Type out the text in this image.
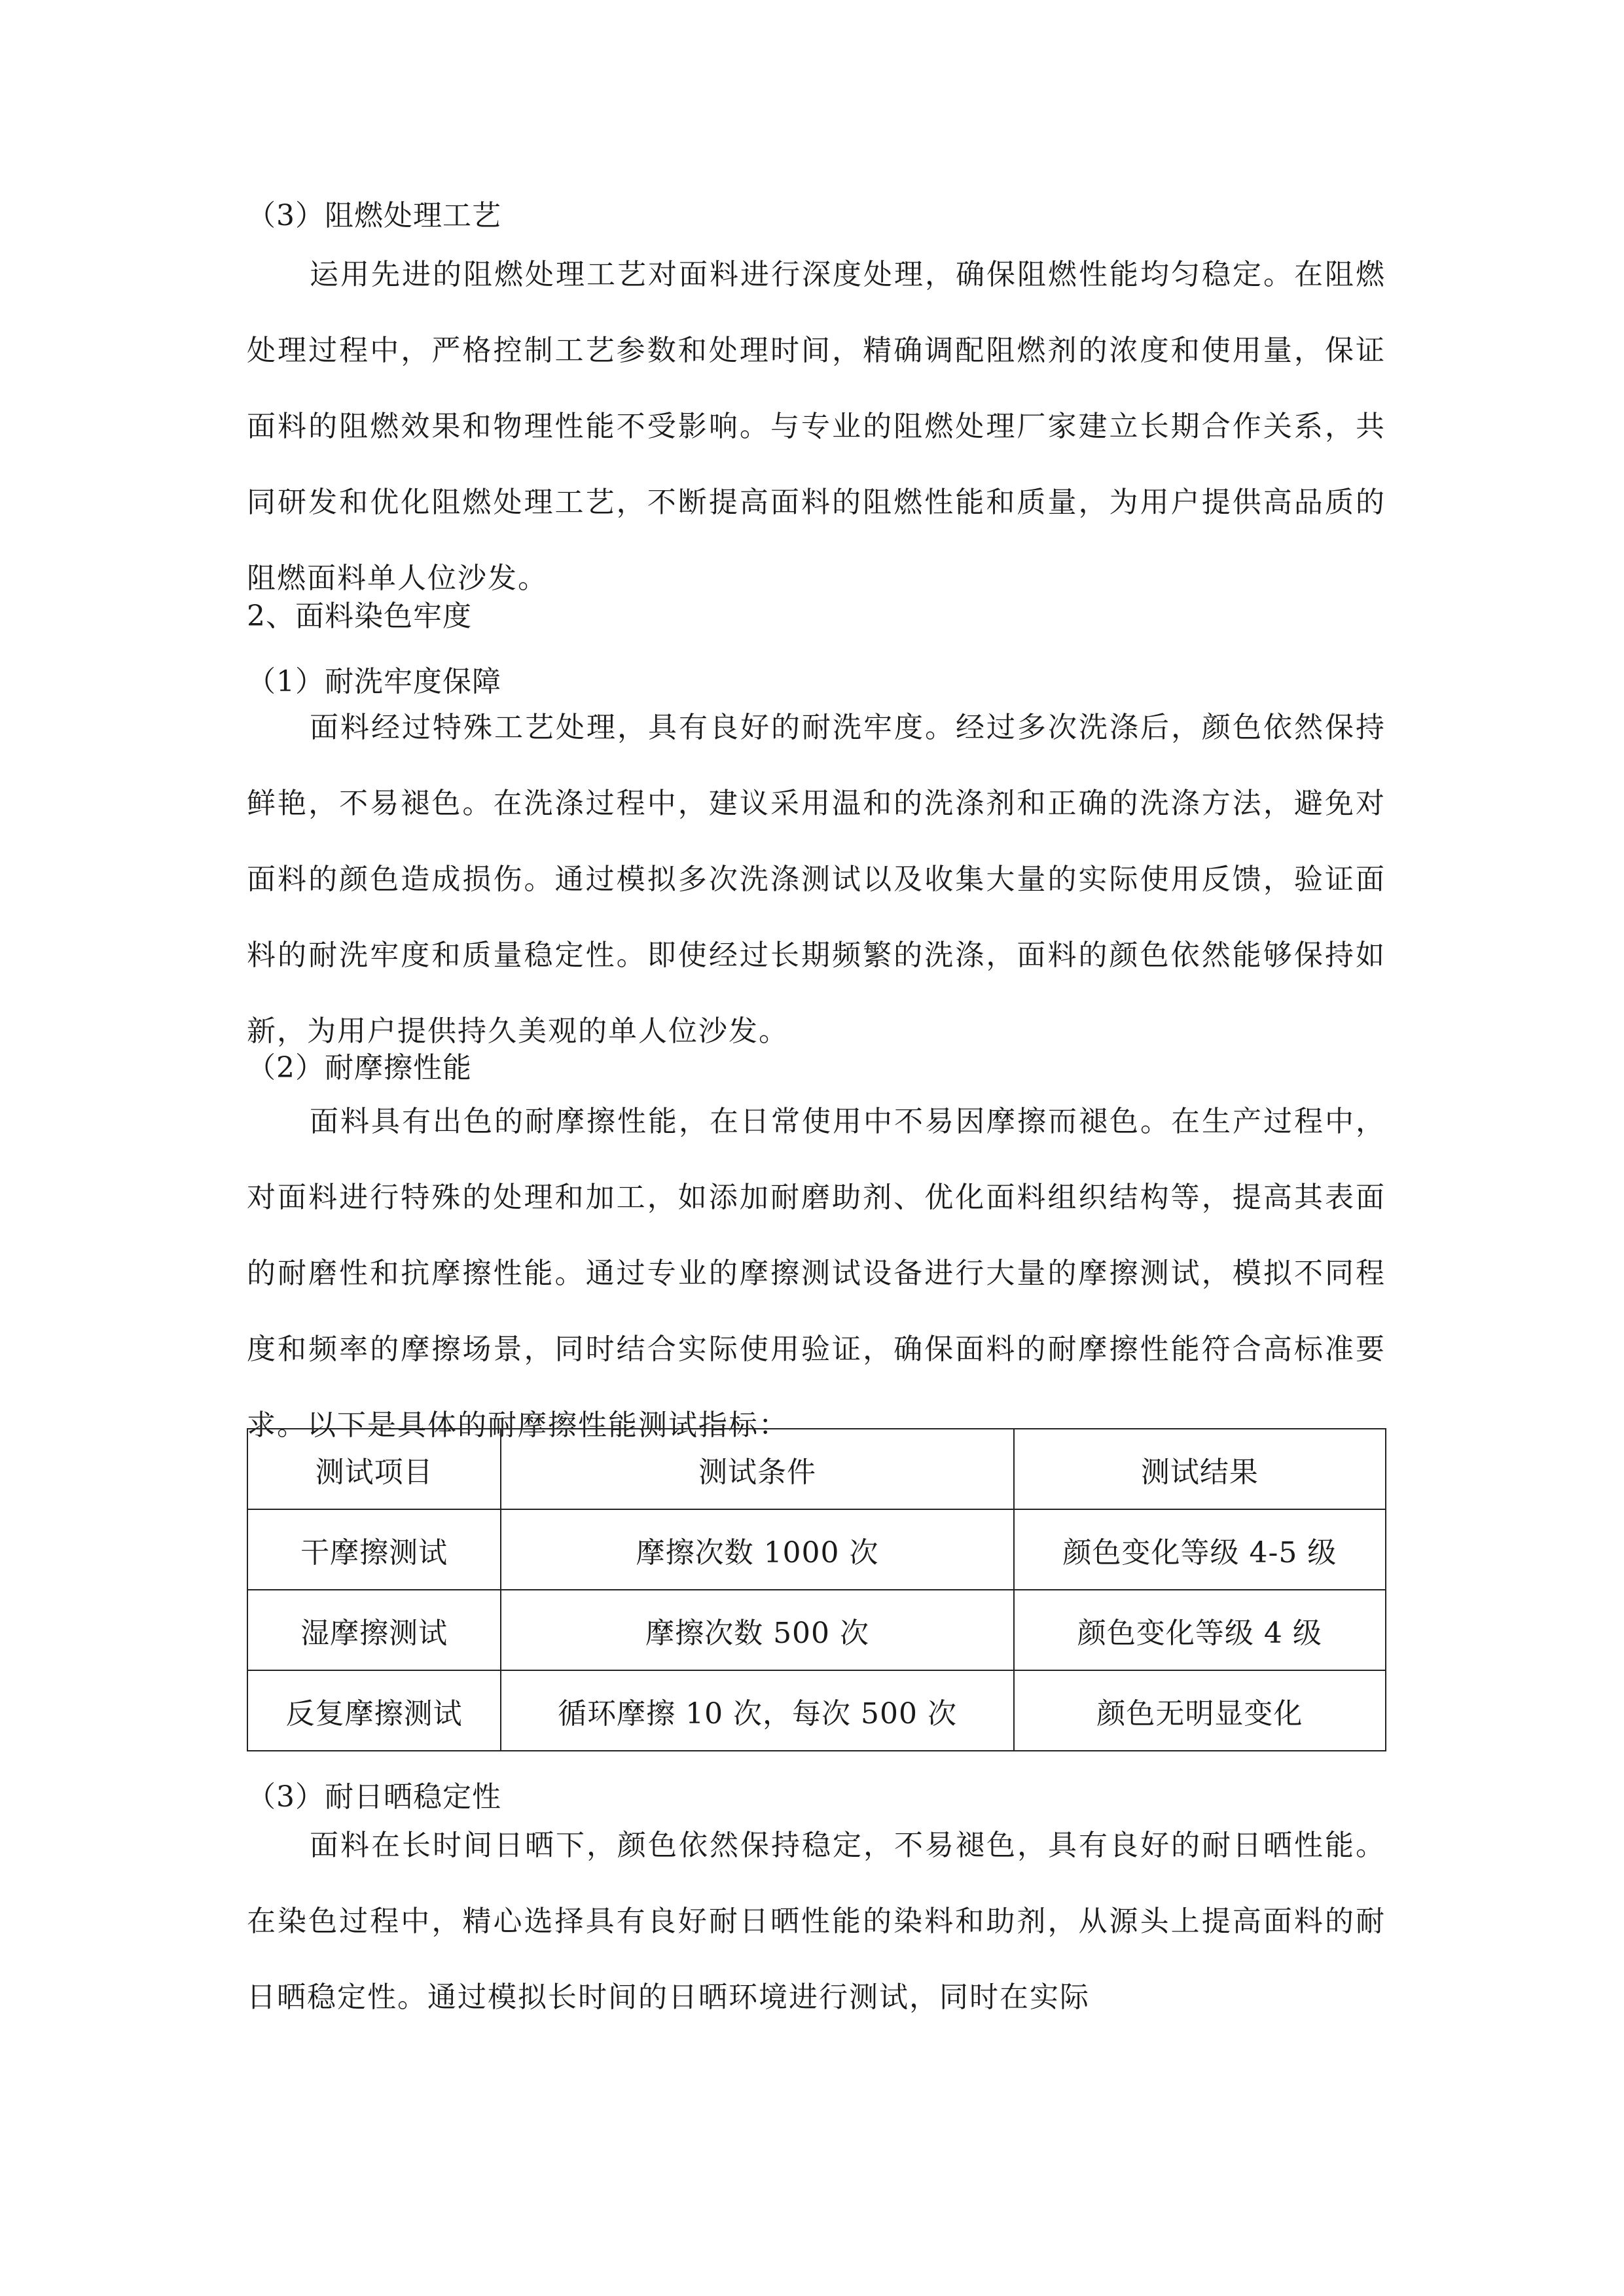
（3）阻燃处理工艺

运用先进的阻燃处理工艺对面料进行深度处理，确保阻燃性能均匀稳定。在阻燃处理过程中，严格控制工艺参数和处理时间，精确调配阻燃剂的浓度和使用量，保证面料的阻燃效果和物理性能不受影响。与专业的阻燃处理厂家建立长期合作关系，共同研发和优化阻燃处理工艺，不断提高面料的阻燃性能和质量，为用户提供高品质的阻燃面料单人位沙发。

2、面料染色牢度
（1）耐洗牢度保障

面料经过特殊工艺处理，具有良好的耐洗牢度。经过多次洗涤后，颜色依然保持鲜艳，不易褪色。在洗涤过程中，建议采用温和的洗涤剂和正确的洗涤方法，避免对面料的颜色造成损伤。通过模拟多次洗涤测试以及收集大量的实际使用反馈，验证面料的耐洗牢度和质量稳定性。即使经过长期频繁的洗涤，面料的颜色依然能够保持如新，为用户提供持久美观的单人位沙发。

（2）耐摩擦性能

面料具有出色的耐摩擦性能，在日常使用中不易因摩擦而褪色。在生产过程中，对面料进行特殊的处理和加工，如添加耐磨助剂、优化面料组织结构等，提高其表面的耐磨性和抗摩擦性能。通过专业的摩擦测试设备进行大量的摩擦测试，模拟不同程度和频率的摩擦场景，同时结合实际使用验证，确保面料的耐摩擦性能符合高标准要求。以下是具体的耐摩擦性能测试指标：

测试项目	测试条件	测试结果
干摩擦测试	摩擦次数 1000 次	颜色变化等级 4-5 级
湿摩擦测试	摩擦次数 500 次	颜色变化等级 4 级
反复摩擦测试	循环摩擦 10 次，每次 500 次	颜色无明显变化
（3）耐日晒稳定性

面料在长时间日晒下，颜色依然保持稳定，不易褪色，具有良好的耐日晒性能。在染色过程中，精心选择具有良好耐日晒性能的染料和助剂，从源头上提高面料的耐日晒稳定性。通过模拟长时间的日晒环境进行测试，同时在实际
